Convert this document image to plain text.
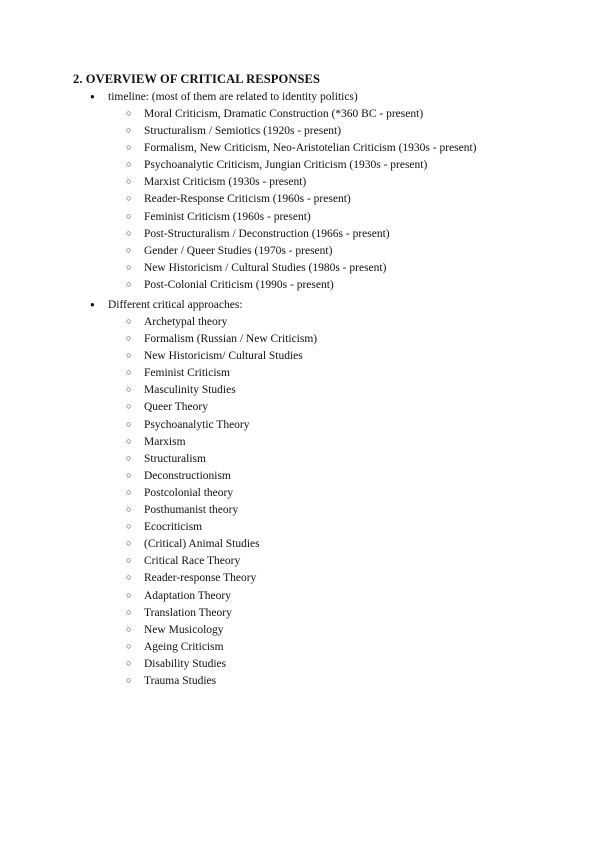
2. OVERVIEW OF CRITICAL RESPONSES
● timeline: (most of them are related to identity politics)
○ Moral Criticism, Dramatic Construction (*360 BC - present)
○ Structuralism / Semiotics (1920s - present)
○ Formalism, New Criticism, Neo-Aristotelian Criticism (1930s - present)
○ Psychoanalytic Criticism, Jungian Criticism (1930s - present)
○ Marxist Criticism (1930s - present)
○ Reader-Response Criticism (1960s - present)
○ Feminist Criticism (1960s - present)
○ Post-Structuralism / Deconstruction (1966s - present)
○ Gender / Queer Studies (1970s - present)
○ New Historicism / Cultural Studies (1980s - present)
○ Post-Colonial Criticism (1990s - present)
● Different critical approaches:
○ Archetypal theory
○ Formalism (Russian / New Criticism)
○ New Historicism/ Cultural Studies
○ Feminist Criticism
○ Masculinity Studies
○ Queer Theory
○ Psychoanalytic Theory
○ Marxism
○ Structuralism
○ Deconstructionism
○ Postcolonial theory
○ Posthumanist theory
○ Ecocriticism
○ (Critical) Animal Studies
○ Critical Race Theory
○ Reader-response Theory
○ Adaptation Theory
○ Translation Theory
○ New Musicology
○ Ageing Criticism
○ Disability Studies
○ Trauma Studies
